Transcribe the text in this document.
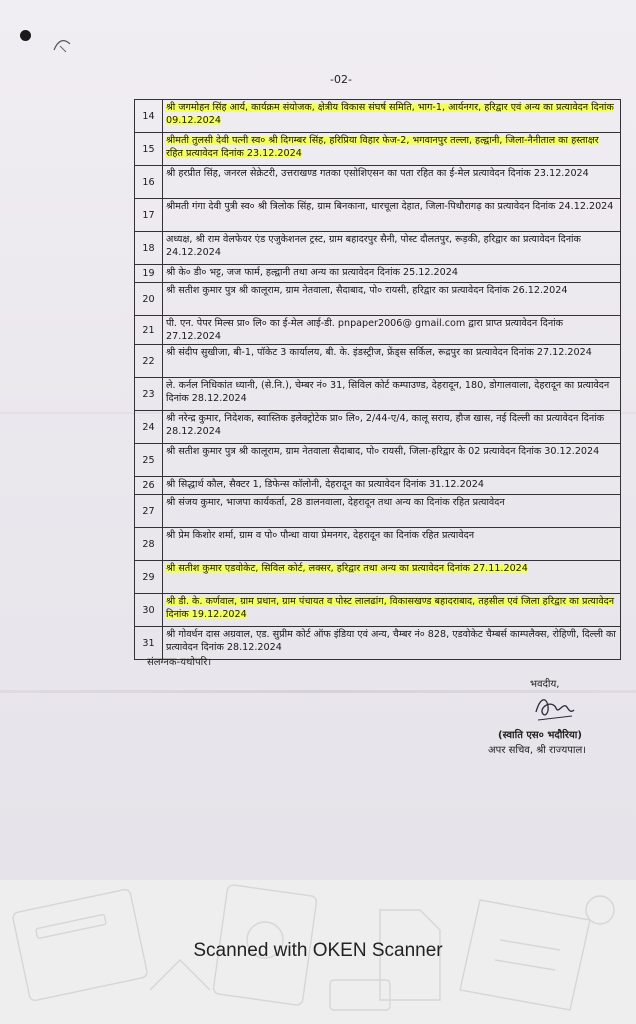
-02-
14	श्री जगमोहन सिंह आर्य, कार्यक्रम संयोजक, क्षेत्रीय विकास संघर्ष समिति, भाग-1, आर्यनगर, हरिद्वार एवं अन्य का प्रत्यावेदन दिनांक 09.12.2024
15	श्रीमती तुलसी देवी पत्नी स्व० श्री दिगम्बर सिंह, हरिप्रिया विहार फेज-2, भगवानपुर तल्ला, हल्द्वानी, जिला-नैनीताल का हस्ताक्षर रहित प्रत्यावेदन दिनांक 23.12.2024
16	श्री हरप्रीत सिंह, जनरल सेक्रेटरी, उत्तराखण्ड गतका एसोशिएसन का पता रहित का ई-मेल प्रत्यावेदन दिनांक 23.12.2024
17	श्रीमती गंगा देवी पुत्री स्व० श्री त्रिलोक सिंह, ग्राम बिनकाना, धारचूला देहात, जिला-पिथौरागढ़ का प्रत्यावेदन दिनांक 24.12.2024
18	अध्यक्ष, श्री राम वेलफेयर एंड एजुकेशनल ट्रस्ट, ग्राम बहादरपुर सैनी, पोस्ट दौलतपुर, रूड़की, हरिद्वार का प्रत्यावेदन दिनांक 24.12.2024
19	श्री के० डी० भट्ट, जज फार्म, हल्द्वानी तथा अन्य का प्रत्यावेदन दिनांक 25.12.2024
20	श्री सतीश कुमार पुत्र श्री कालूराम, ग्राम नेतवाला, सैदाबाद, पो० रायसी, हरिद्वार का प्रत्यावेदन दिनांक 26.12.2024
21	पी. एन. पेपर मिल्स प्रा० लि० का ई-मेल आई-डी. pnpaper2006@ gmail.com द्वारा प्राप्त प्रत्यावेदन दिनांक 27.12.2024
22	श्री संदीप सुखीजा, बी-1, पॉकेट 3 कार्यालय, बी. के. इंडस्ट्रीज, फ्रेंड्स सर्किल, रूद्रपुर का प्रत्यावेदन दिनांक 27.12.2024
23	ले. कर्नल निधिकांत ध्यानी, (से.नि.), चेम्बर नं० 31, सिविल कोर्ट कम्पाउण्ड, देहरादून, 180, डोगालवाला, देहरादून का प्रत्यावेदन दिनांक 28.12.2024
24	श्री नरेन्द्र कुमार, निदेशक, स्वास्तिक इलेक्ट्रोटेक प्रा० लि०, 2/44-ए/4, कालू सराय, हौज खास, नई दिल्ली का प्रत्यावेदन दिनांक 28.12.2024
25	श्री सतीश कुमार पुत्र श्री कालूराम, ग्राम नेतवाला सैदाबाद, पो० रायसी, जिला-हरिद्वार के 02 प्रत्यावेदन दिनांक 30.12.2024
26	श्री सिद्धार्थ कौल, सैक्टर 1, डिफेन्स कॉलोनी, देहरादून का प्रत्यावेदन दिनांक 31.12.2024
27	श्री संजय कुमार, भाजपा कार्यकर्ता, 28 डालनवाला, देहरादून तथा अन्य का दिनांक रहित प्रत्यावेदन
28	श्री प्रेम किशोर शर्मा, ग्राम व पो० पौन्धा वाया प्रेमनगर, देहरादून का दिनांक रहित प्रत्यावेदन
29	श्री सतीश कुमार एडवोकेट, सिविल कोर्ट, लक्सर, हरिद्वार तथा अन्य का प्रत्यावेदन दिनांक 27.11.2024
30	श्री डी. के. कर्णवाल, ग्राम प्रधान, ग्राम पंचायत व पोस्ट लालढांग, विकासखण्ड बहादराबाद, तहसील एवं जिला हरिद्वार का प्रत्यावेदन दिनांक 19.12.2024
31	श्री गोवर्धन दास अग्रवाल, एड. सुप्रीम कोर्ट ऑफ इंडिया एवं अन्य, चैम्बर नं० 828, एडवोकेट चैम्बर्स काम्पलैक्स, रोहिणी, दिल्ली का प्रत्यावेदन दिनांक 28.12.2024
संलग्नक-यथोपरि।
भवदीय,
(स्वाति एस० भदौरिया)
अपर सचिव, श्री राज्यपाल।
Scanned with OKEN Scanner
